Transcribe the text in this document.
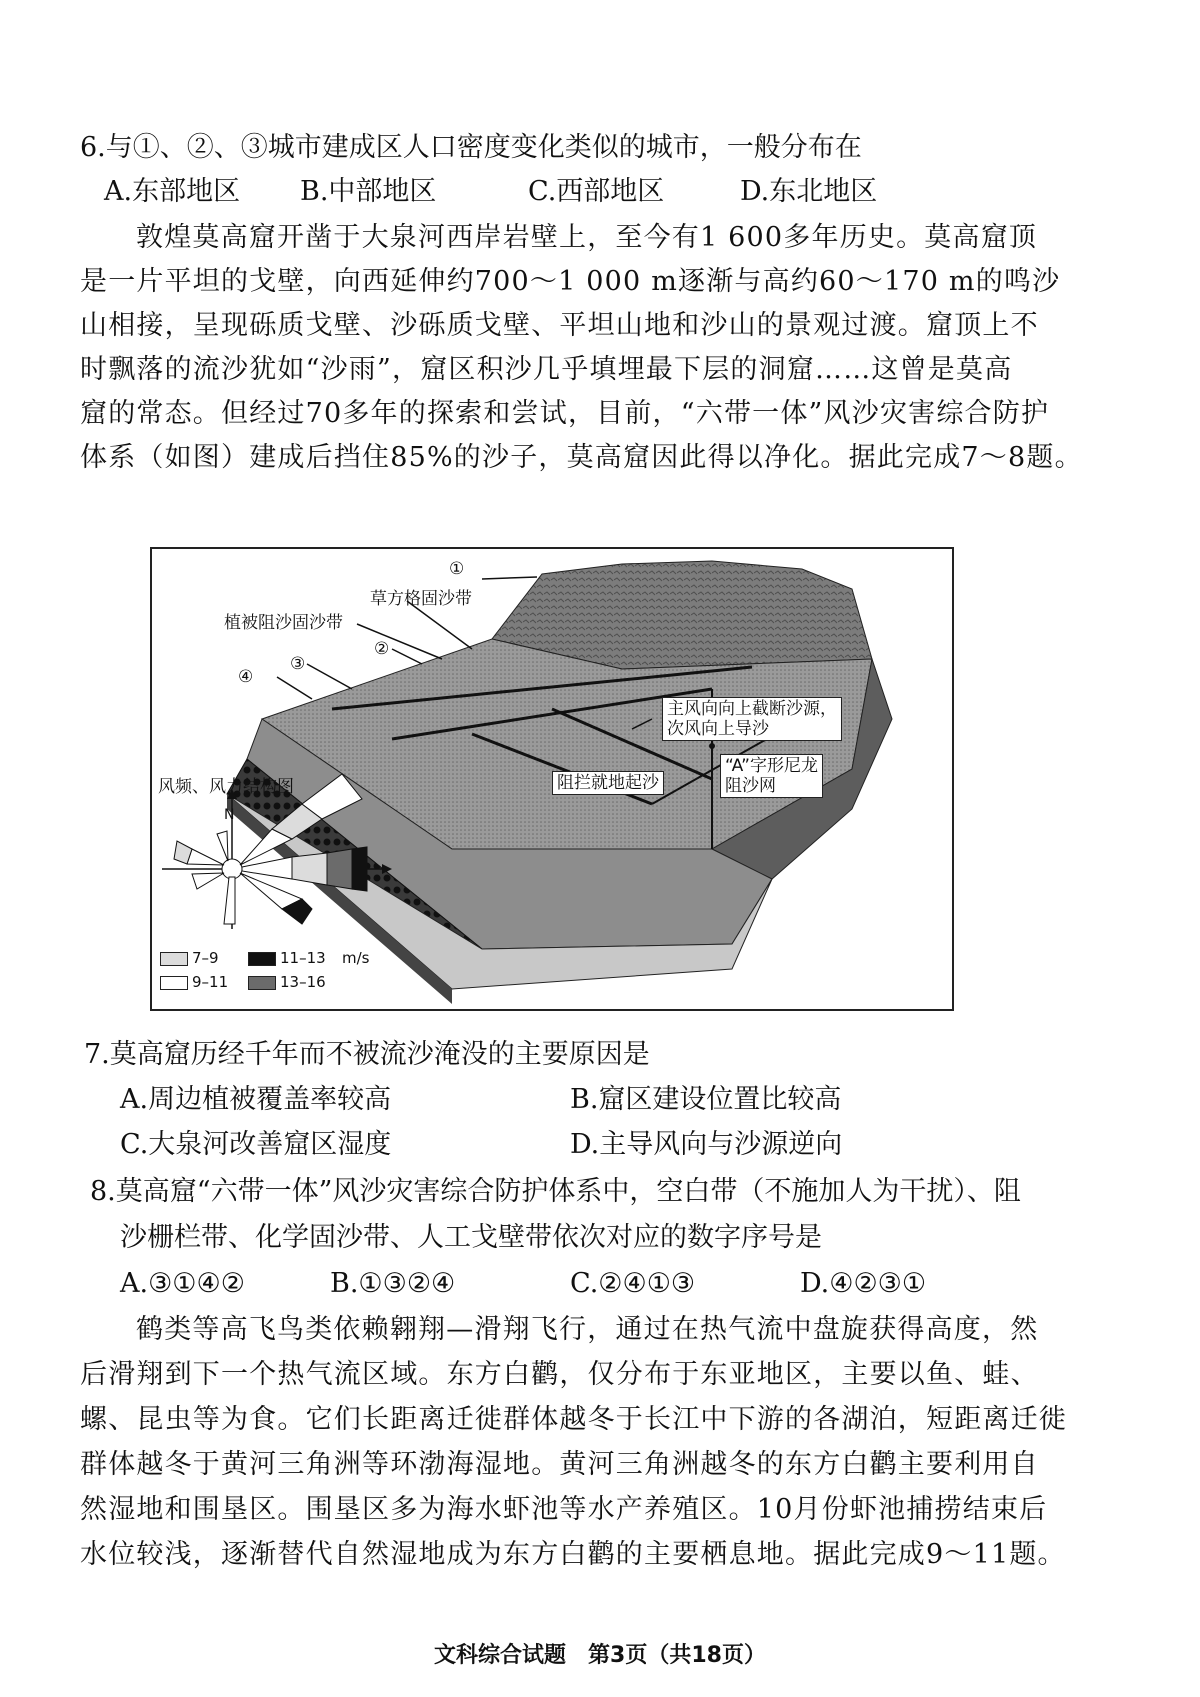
6.与①、②、③城市建成区人口密度变化类似的城市，一般分布在
A.东部地区 B.中部地区	C.西部地区	D.东北地区
敦煌莫高窟开凿于大泉河西岸岩壁上，至今有1 600多年历史。莫高窟顶
是一片平坦的戈壁，向西延伸约700～1 000 m逐渐与高约60～170 m的鸣沙
山相接，呈现砾质戈壁、沙砾质戈壁、平坦山地和沙山的景观过渡。窟顶上不
时飘落的流沙犹如“沙雨”，窟区积沙几乎填埋最下层的洞窟……这曾是莫高
窟的常态。但经过70多年的探索和尝试，目前，“六带一体”风沙灾害综合防护
体系（如图）建成后挡住85%的沙子，莫高窟因此得以净化。据此完成7～8题。
①
草方格固沙带
植被阻沙固沙带
②
③
④
主风向向上截断沙源，
次风向上导沙
“A”字形尼龙
阻沙网
阻拦就地起沙
风频、风力结构图
N
7–9	11–13 m/s
9–11	13–16
7.莫高窟历经千年而不被流沙淹没的主要原因是
A.周边植被覆盖率较高	B.窟区建设位置比较高
C.大泉河改善窟区湿度	D.主导风向与沙源逆向
8.莫高窟“六带一体”风沙灾害综合防护体系中，空白带（不施加人为干扰）、阻
沙栅栏带、化学固沙带、人工戈壁带依次对应的数字序号是
A.③①④②	B.①③②④	C.②④①③	D.④②③①
鹤类等高飞鸟类依赖翱翔—滑翔飞行，通过在热气流中盘旋获得高度，然
后滑翔到下一个热气流区域。东方白鹳，仅分布于东亚地区，主要以鱼、蛙、
螺、昆虫等为食。它们长距离迁徙群体越冬于长江中下游的各湖泊，短距离迁徙
群体越冬于黄河三角洲等环渤海湿地。黄河三角洲越冬的东方白鹳主要利用自
然湿地和围垦区。围垦区多为海水虾池等水产养殖区。10月份虾池捕捞结束后
水位较浅，逐渐替代自然湿地成为东方白鹳的主要栖息地。据此完成9～11题。
文科综合试题　第3页（共18页）
